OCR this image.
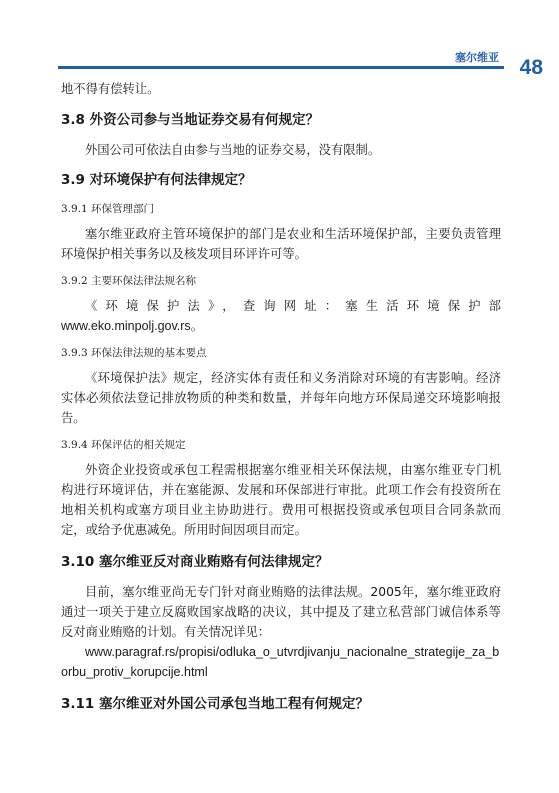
塞尔维亚 48

地不得有偿转让。

3.8 外资公司参与当地证券交易有何规定？

外国公司可依法自由参与当地的证券交易，没有限制。

3.9 对环境保护有何法律规定？
3.9.1 环保管理部门

塞尔维亚政府主管环境保护的部门是农业和生活环境保护部，主要负责管理环境保护相关事务以及核发项目环评许可等。

3.9.2 主要环保法律法规名称

《环境保护法》，查询网址：塞生活环境保护部

www.eko.minpolj.gov.rs。

3.9.3 环保法律法规的基本要点

《环境保护法》规定，经济实体有责任和义务消除对环境的有害影响。经济实体必须依法登记排放物质的种类和数量，并每年向地方环保局递交环境影响报告。

3.9.4 环保评估的相关规定

外资企业投资或承包工程需根据塞尔维亚相关环保法规，由塞尔维亚专门机构进行环境评估，并在塞能源、发展和环保部进行审批。此项工作会有投资所在地相关机构或塞方项目业主协助进行。费用可根据投资或承包项目合同条款而定，或给予优惠减免。所用时间因项目而定。

3.10 塞尔维亚反对商业贿赂有何法律规定？

目前，塞尔维亚尚无专门针对商业贿赂的法律法规。2005年，塞尔维亚政府通过一项关于建立反腐败国家战略的决议，其中提及了建立私营部门诚信体系等反对商业贿赂的计划。有关情况详见：

www.paragraf.rs/propisi/odluka_o_utvrdjivanju_nacionalne_strategije_za_borbu_protiv_korupcije.html

3.11 塞尔维亚对外国公司承包当地工程有何规定？
